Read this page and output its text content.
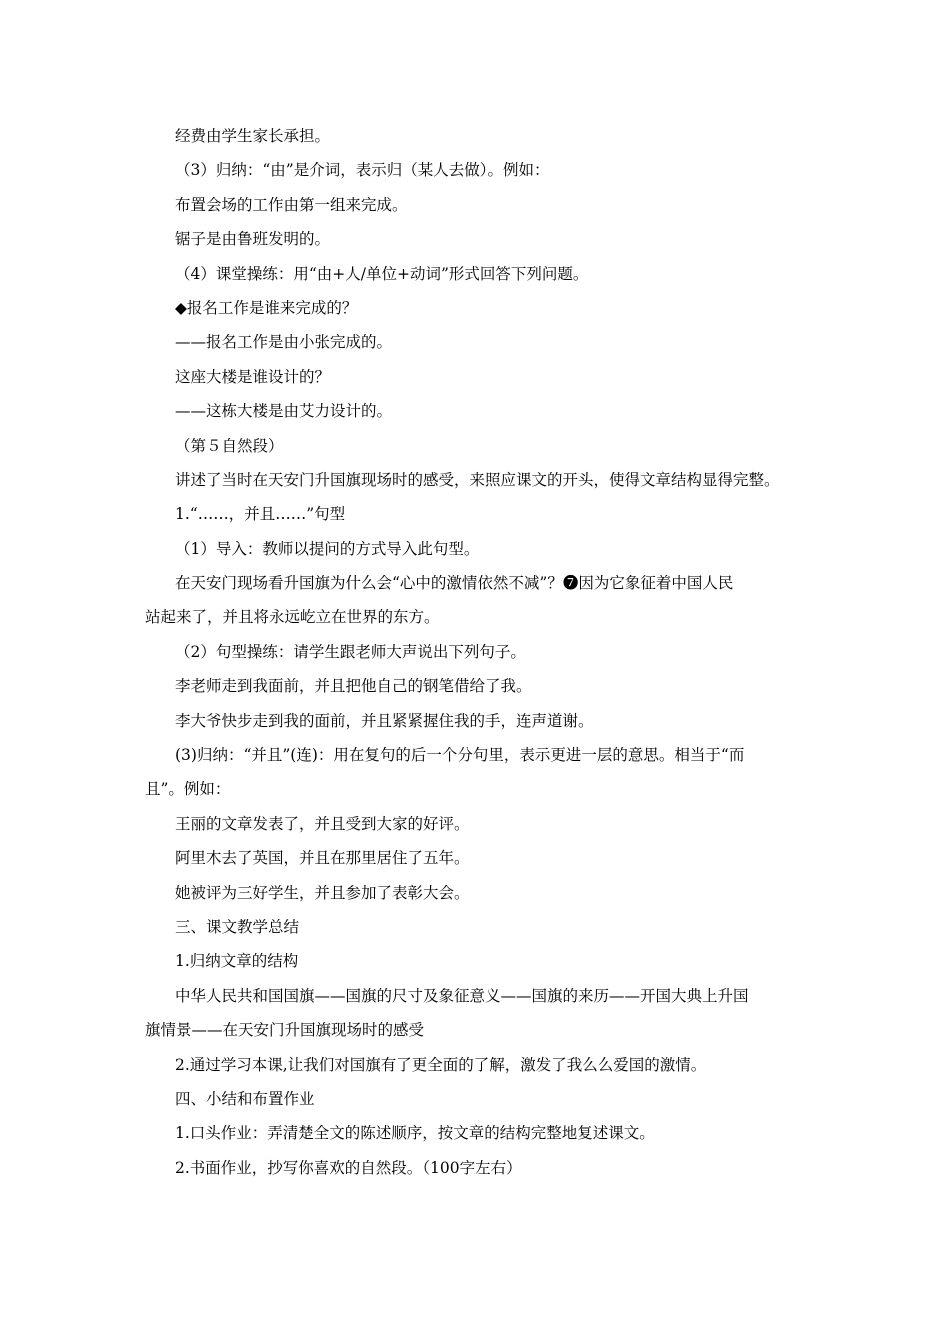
经费由学生家长承担。
（3）归纳：“由”是介词，表示归（某人去做）。例如：
布置会场的工作由第一组来完成。
锯子是由鲁班发明的。
（4）课堂操练：用“由+人/单位+动词”形式回答下列问题。
◆报名工作是谁来完成的？
——报名工作是由小张完成的。
这座大楼是谁设计的？
——这栋大楼是由艾力设计的。
（第５自然段）
讲述了当时在天安门升国旗现场时的感受，来照应课文的开头，使得文章结构显得完整。
1.“……，并且……”句型
（1）导入：教师以提问的方式导入此句型。
在天安门现场看升国旗为什么会“心中的激情依然不减”？❼因为它象征着中国人民
站起来了，并且将永远屹立在世界的东方。
（2）句型操练：请学生跟老师大声说出下列句子。
李老师走到我面前，并且把他自己的钢笔借给了我。
李大爷快步走到我的面前，并且紧紧握住我的手，连声道谢。
(3)归纳：“并且”(连)：用在复句的后一个分句里，表示更进一层的意思。相当于“而
且”。例如：
王丽的文章发表了，并且受到大家的好评。
阿里木去了英国，并且在那里居住了五年。
她被评为三好学生，并且参加了表彰大会。
三、课文教学总结
1.归纳文章的结构
中华人民共和国国旗——国旗的尺寸及象征意义——国旗的来历——开国大典上升国
旗情景——在天安门升国旗现场时的感受
2.通过学习本课,让我们对国旗有了更全面的了解，激发了我么么爱国的激情。
四、小结和布置作业
1.口头作业：弄清楚全文的陈述顺序，按文章的结构完整地复述课文。
2.书面作业，抄写你喜欢的自然段。（100字左右）
